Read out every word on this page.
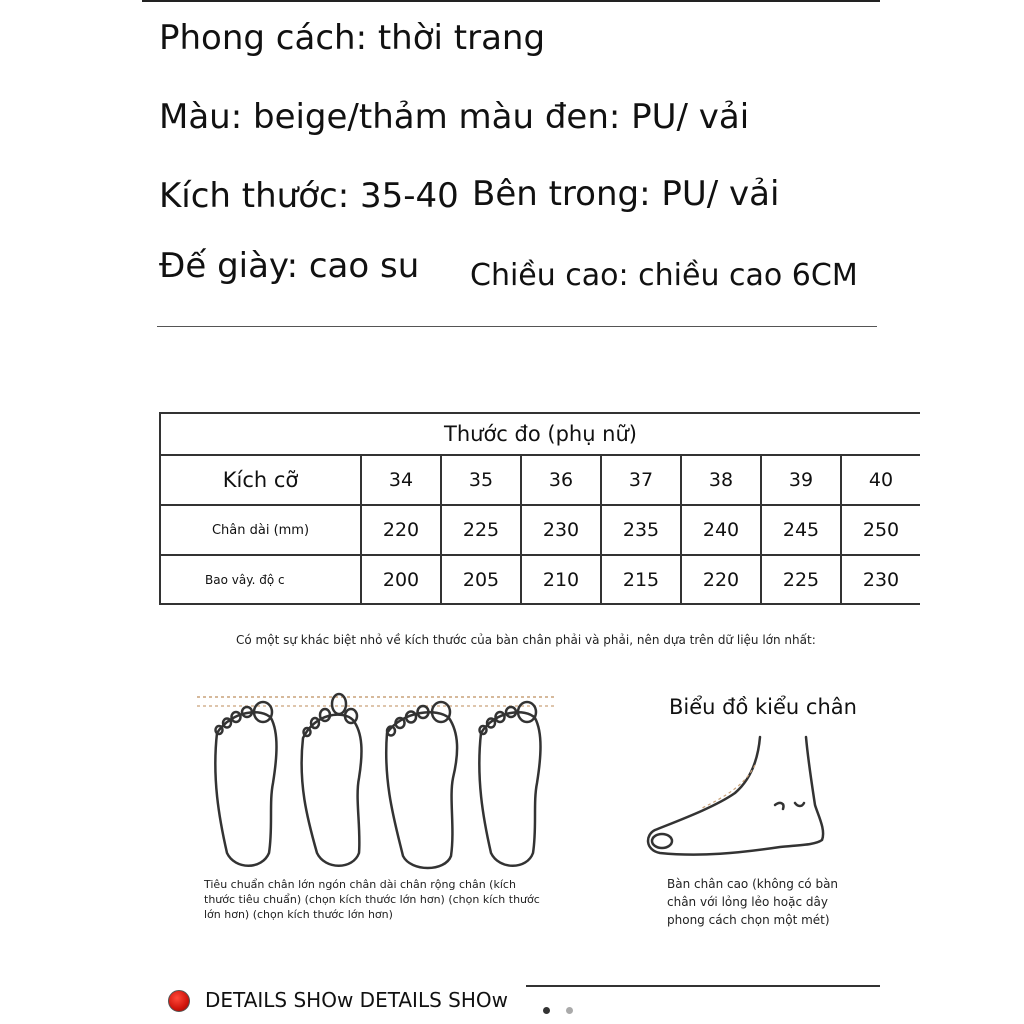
Phong cách: thời trang
Màu: beige/thảm màu đen: PU/ vải
Kích thước: 35-40 Bên trong: PU/ vải
Đế giày: cao su Chiều cao: chiều cao 6CM
Thước đo (phụ nữ)							
Kích cỡ	34	35	36	37	38	39	40
Chân dài (mm)	220	225	230	235	240	245	250
Bao vây. độ c	200	205	210	215	220	225	230
Có một sự khác biệt nhỏ về kích thước của bàn chân phải và phải, nên dựa trên dữ liệu lớn nhất:
Tiêu chuẩn chân lớn ngón chân dài chân rộng chân (kích thước tiêu chuẩn) (chọn kích thước lớn hơn) (chọn kích thước lớn hơn) (chọn kích thước lớn hơn)
Biểu đồ kiểu chân
Bàn chân cao (không có bàn chân với lỏng lẻo hoặc dây phong cách chọn một mét)
DETAILS SHOw DETAILS SHOw
